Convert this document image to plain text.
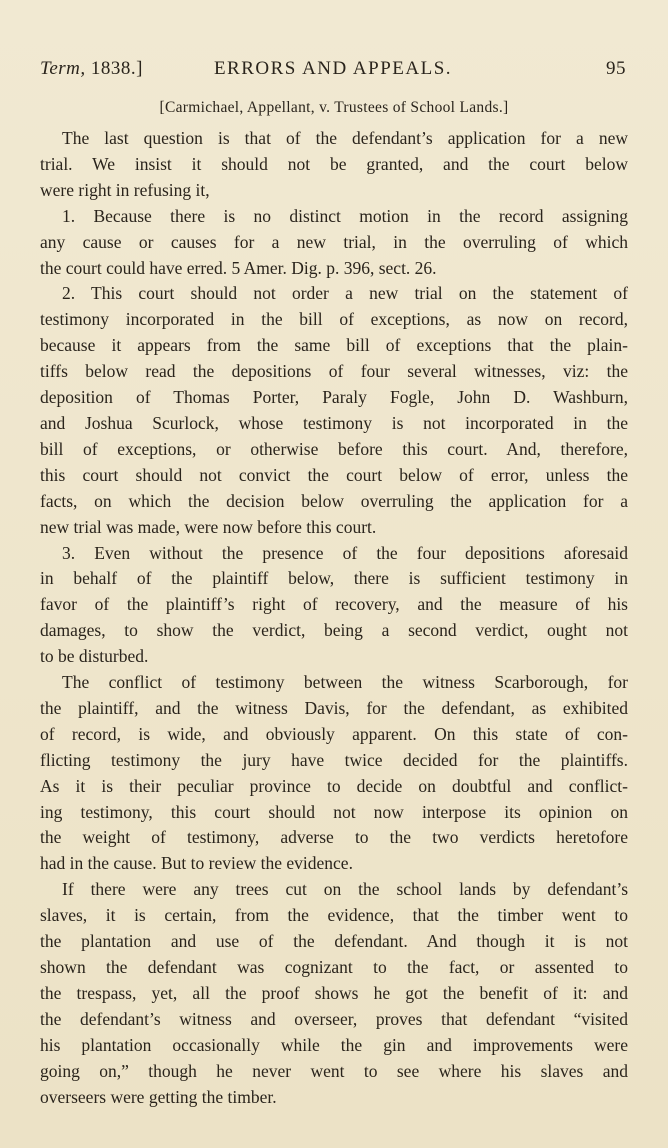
Term, 1838.]	ERRORS AND APPEALS.	95
[Carmichael, Appellant, v. Trustees of School Lands.]
The last question is that of the defendant’s application for a new
trial. We insist it should not be granted, and the court below
were right in refusing it,
1. Because there is no distinct motion in the record assigning
any cause or causes for a new trial, in the overruling of which
the court could have erred. 5 Amer. Dig. p. 396, sect. 26.
2. This court should not order a new trial on the statement of
testimony incorporated in the bill of exceptions, as now on record,
because it appears from the same bill of exceptions that the plain-
tiffs below read the depositions of four several witnesses, viz: the
deposition of Thomas Porter, Paraly Fogle, John D. Washburn,
and Joshua Scurlock, whose testimony is not incorporated in the
bill of exceptions, or otherwise before this court. And, therefore,
this court should not convict the court below of error, unless the
facts, on which the decision below overruling the application for a
new trial was made, were now before this court.
3. Even without the presence of the four depositions aforesaid
in behalf of the plaintiff below, there is sufficient testimony in
favor of the plaintiff’s right of recovery, and the measure of his
damages, to show the verdict, being a second verdict, ought not
to be disturbed.
The conflict of testimony between the witness Scarborough, for
the plaintiff, and the witness Davis, for the defendant, as exhibited
of record, is wide, and obviously apparent. On this state of con-
flicting testimony the jury have twice decided for the plaintiffs.
As it is their peculiar province to decide on doubtful and conflict-
ing testimony, this court should not now interpose its opinion on
the weight of testimony, adverse to the two verdicts heretofore
had in the cause. But to review the evidence.
If there were any trees cut on the school lands by defendant’s
slaves, it is certain, from the evidence, that the timber went to
the plantation and use of the defendant. And though it is not
shown the defendant was cognizant to the fact, or assented to
the trespass, yet, all the proof shows he got the benefit of it: and
the defendant’s witness and overseer, proves that defendant “visited
his plantation occasionally while the gin and improvements were
going on,” though he never went to see where his slaves and
overseers were getting the timber.
